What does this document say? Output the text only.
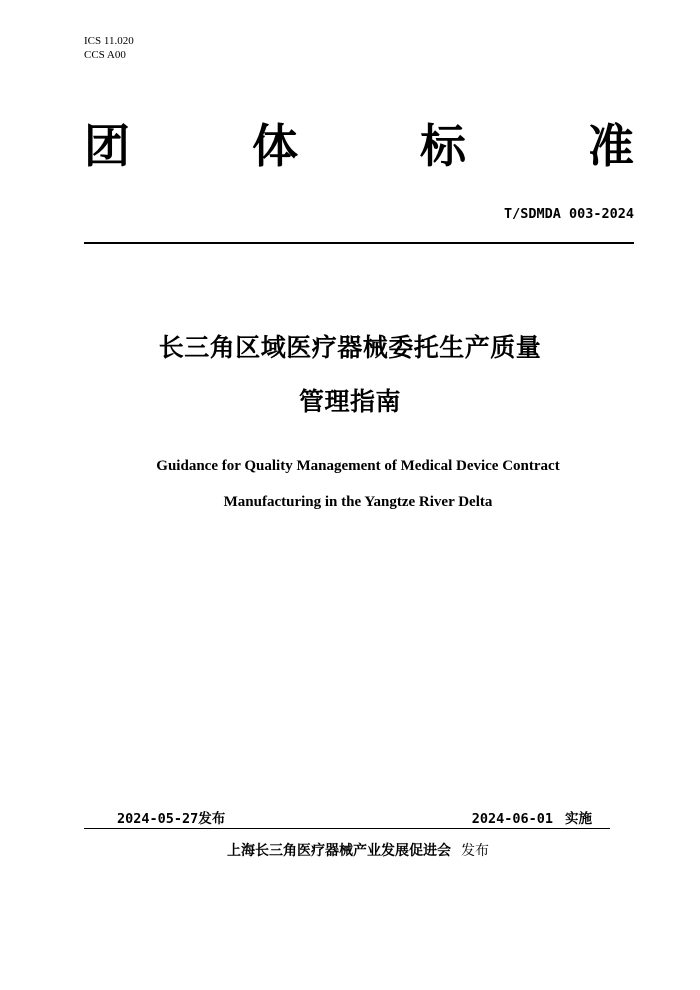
ICS 11.020
CCS A00
团	体	标	准
T/SDMDA 003-2024
长三角区域医疗器械委托生产质量
管理指南
Guidance for Quality Management of Medical Device Contract
Manufacturing in the Yangtze River Delta
2024-05-27发布	2024-06-01 实施
上海长三角医疗器械产业发展促进会 发布
